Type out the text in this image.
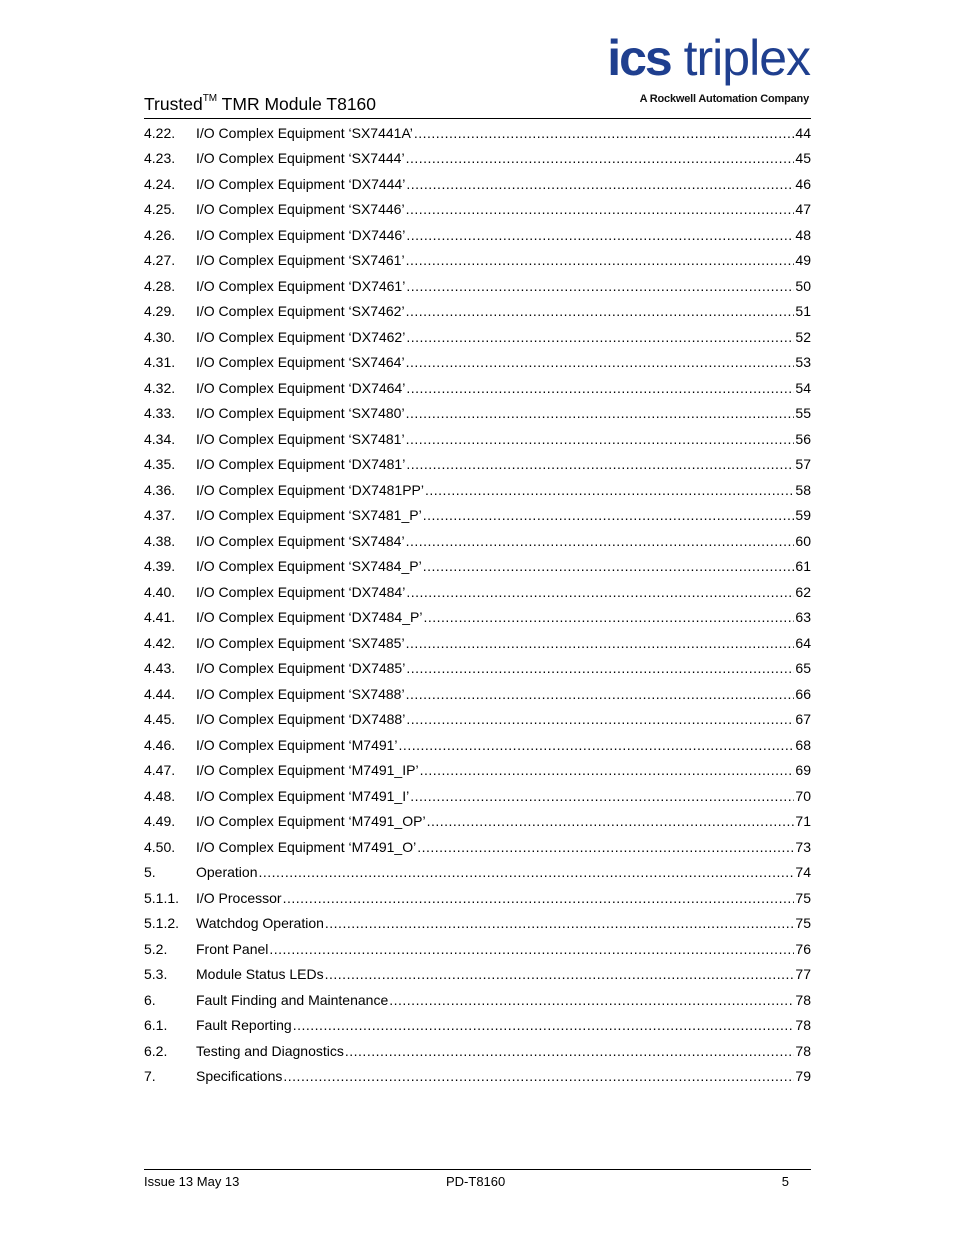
Trusted™ TMR Module T8160
ics triplex
A Rockwell Automation Company
4.22.	I/O Complex Equipment ‘SX7441A’ .....	44
4.23.	I/O Complex Equipment ‘SX7444’ .....	45
4.24.	I/O Complex Equipment ‘DX7444’ .....	46
4.25.	I/O Complex Equipment ‘SX7446’ .....	47
4.26.	I/O Complex Equipment ‘DX7446’ .....	48
4.27.	I/O Complex Equipment ‘SX7461’ .....	49
4.28.	I/O Complex Equipment ‘DX7461’ .....	50
4.29.	I/O Complex Equipment ‘SX7462’ .....	51
4.30.	I/O Complex Equipment ‘DX7462’ .....	52
4.31.	I/O Complex Equipment ‘SX7464’ .....	53
4.32.	I/O Complex Equipment ‘DX7464’ .....	54
4.33.	I/O Complex Equipment ‘SX7480’ .....	55
4.34.	I/O Complex Equipment ‘SX7481’ .....	56
4.35.	I/O Complex Equipment ‘DX7481’ .....	57
4.36.	I/O Complex Equipment ‘DX7481PP’ .....	58
4.37.	I/O Complex Equipment ‘SX7481_P’ .....	59
4.38.	I/O Complex Equipment ‘SX7484’ .....	60
4.39.	I/O Complex Equipment ‘SX7484_P’ .....	61
4.40.	I/O Complex Equipment ‘DX7484’ .....	62
4.41.	I/O Complex Equipment ‘DX7484_P’ .....	63
4.42.	I/O Complex Equipment ‘SX7485’ .....	64
4.43.	I/O Complex Equipment ‘DX7485’ .....	65
4.44.	I/O Complex Equipment ‘SX7488’ .....	66
4.45.	I/O Complex Equipment ‘DX7488’ .....	67
4.46.	I/O Complex Equipment ‘M7491’ .....	68
4.47.	I/O Complex Equipment ‘M7491_IP’ .....	69
4.48.	I/O Complex Equipment ‘M7491_I’ .....	70
4.49.	I/O Complex Equipment ‘M7491_OP’ .....	71
4.50.	I/O Complex Equipment ‘M7491_O’ .....	73
5.	Operation .....	74
5.1.1.	I/O Processor .....	75
5.1.2.	Watchdog Operation .....	75
5.2.	Front Panel .....	76
5.3.	Module Status LEDs .....	77
6.	Fault Finding and Maintenance .....	78
6.1.	Fault Reporting .....	78
6.2.	Testing and Diagnostics .....	78
7.	Specifications .....	79
Issue 13 May 13	PD-T8160	5
